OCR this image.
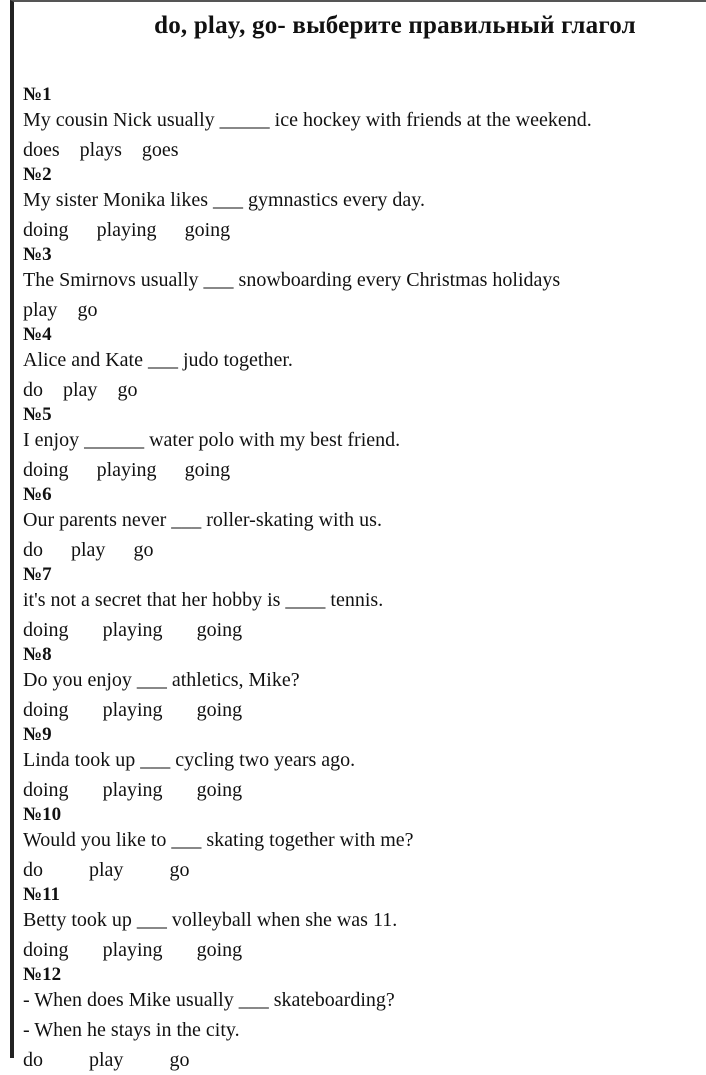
do, play, go- выберите правильный глагол
№1
My cousin Nick usually _____ ice hockey with friends at the weekend.
does plays goes
№2
My sister Monika likes ___ gymnastics every day.
doing playing going
№3
The Smirnovs usually ___ snowboarding every Christmas holidays
play go
№4
Alice and Kate ___ judo together.
do play go
№5
I enjoy ______ water polo with my best friend.
doing playing going
№6
Our parents never ___ roller-skating with us.
do play go
№7
it's not a secret that her hobby is ____ tennis.
doing playing going
№8
Do you enjoy ___ athletics, Mike?
doing playing going
№9
Linda took up ___ cycling two years ago.
doing playing going
№10
Would you like to ___ skating together with me?
do play go
№11
Betty took up ___ volleyball when she was 11.
doing playing going
№12
- When does Mike usually ___ skateboarding?
- When he stays in the city.
do play go
